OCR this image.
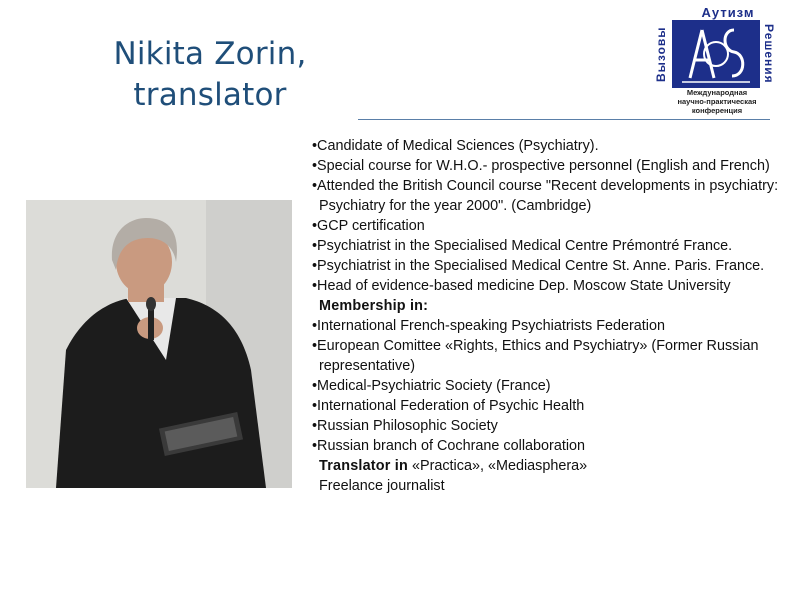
Nikita Zorin,
translator
Аутизм
Вызовы	Решения
Международная
научно-практическая
конференция
• Candidate of Medical Sciences (Psychiatry).
• Special course for W.H.O.- prospective personnel (English and French)
• Attended the British Council course "Recent developments in psychiatry: Psychiatry for the year 2000". (Cambridge)
• GCP certification
• Psychiatrist in the Specialised Medical Centre Prémontré France.
• Psychiatrist in the Specialised Medical Centre St. Anne. Paris. France.
• Head of evidence-based medicine Dep. Moscow State University
Membership in:
• International French-speaking Psychiatrists Federation
• European Comittee «Rights, Ethics and Psychiatry» (Former Russian representative)
• Medical-Psychiatric Society (France)
• International Federation of Psychic Health
• Russian Philosophic Society
• Russian branch of Cochrane collaboration
Translator in «Practica», «Mediasphera»
Freelance journalist
